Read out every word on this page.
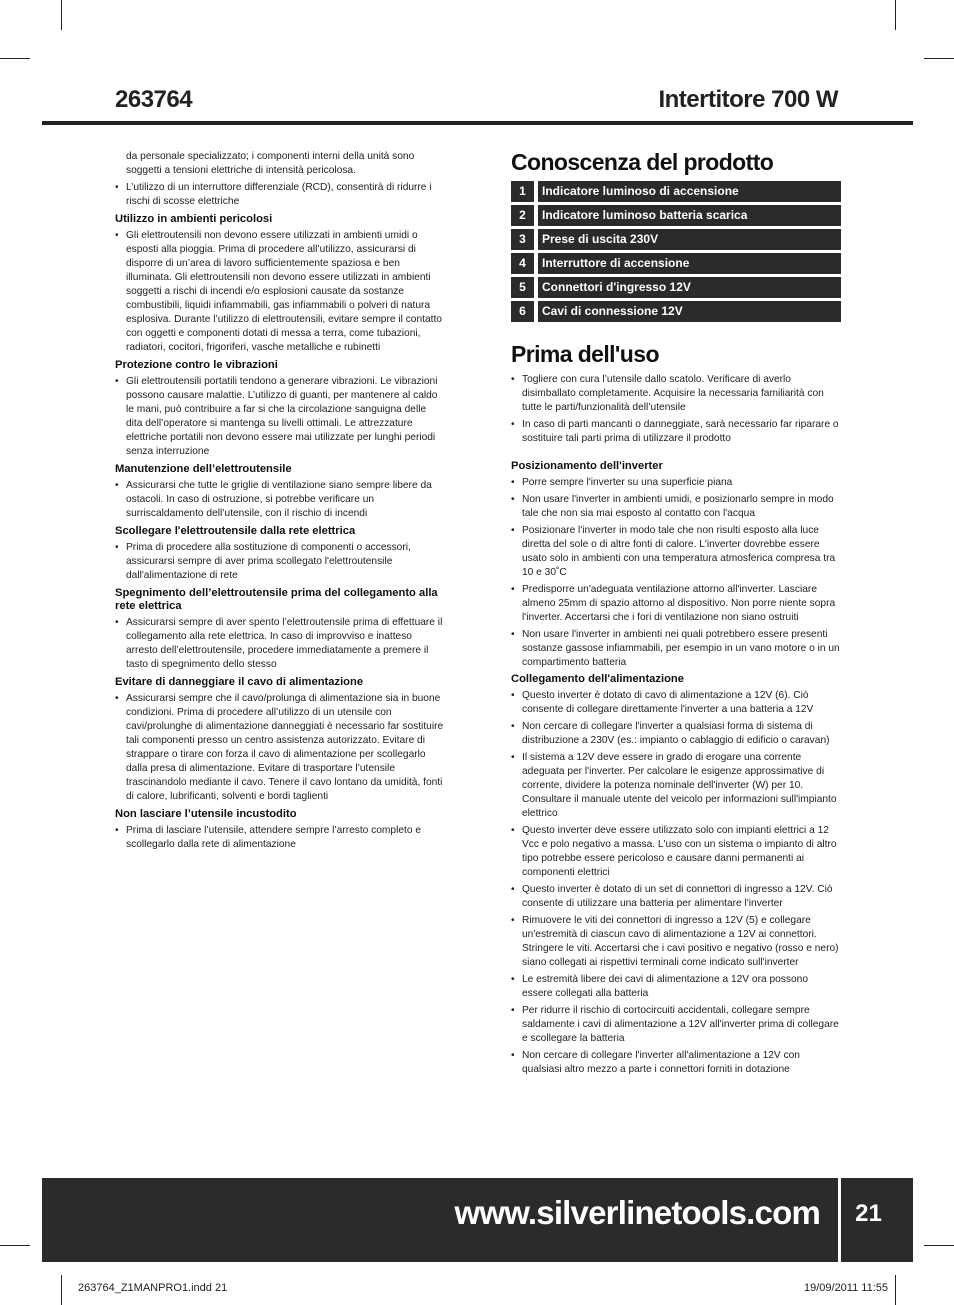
263764	Intertitore 700 W
da personale specializzato; i componenti interni della unità sono soggetti a tensioni elettriche di intensità pericolosa.
• L’utilizzo di un interruttore differenziale (RCD), consentirà di ridurre i rischi di scosse elettriche
Utilizzo in ambienti pericolosi
• Gli elettroutensili non devono essere utilizzati in ambienti umidi o esposti alla pioggia. Prima di procedere all’utilizzo, assicurarsi di disporre di un’area di lavoro sufficientemente spaziosa e ben illuminata. Gli elettroutensili non devono essere utilizzati in ambienti soggetti a rischi di incendi e/o esplosioni causate da sostanze combustibili, liquidi infiammabili, gas infiammabili o polveri di natura esplosiva. Durante l’utilizzo di elettroutensili, evitare sempre il contatto con oggetti e componenti dotati di messa a terra, come tubazioni, radiatori, cocitori, frigoriferi, vasche metalliche e rubinetti
Protezione contro le vibrazioni
• Gli elettroutensili portatili tendono a generare vibrazioni. Le vibrazioni possono causare malattie. L’utilizzo di guanti, per mantenere al caldo le mani, può contribuire a far si che la circolazione sanguigna delle dita dell’operatore si mantenga su livelli ottimali. Le attrezzature elettriche portatili non devono essere mai utilizzate per lunghi periodi senza interruzione
Manutenzione dell’elettroutensile
• Assicurarsi che tutte le griglie di ventilazione siano sempre libere da ostacoli. In caso di ostruzione, si potrebbe verificare un surriscaldamento dell’utensile, con il rischio di incendi
Scollegare l'elettroutensile dalla rete elettrica
• Prima di procedere alla sostituzione di componenti o accessori, assicurarsi sempre di aver prima scollegato l'elettroutensile dall'alimentazione di rete
Spegnimento dell’elettroutensile prima del collegamento alla rete elettrica
• Assicurarsi sempre di aver spento l’elettroutensile prima di effettuare il collegamento alla rete elettrica. In caso di improvviso e inatteso arresto dell’elettroutensile, procedere immediatamente a premere il tasto di spegnimento dello stesso
Evitare di danneggiare il cavo di alimentazione
• Assicurarsi sempre che il cavo/prolunga di alimentazione sia in buone condizioni. Prima di procedere all’utilizzo di un utensile con cavi/prolunghe di alimentazione danneggiati è necessario far sostituire tali componenti presso un centro assistenza autorizzato. Evitare di strappare o tirare con forza il cavo di alimentazione per scollegarlo dalla presa di alimentazione. Evitare di trasportare l’utensile trascinandolo mediante il cavo. Tenere il cavo lontano da umidità, fonti di calore, lubrificanti, solventi e bordi taglienti
Non lasciare l’utensile incustodito
• Prima di lasciare l’utensile, attendere sempre l’arresto completo e scollegarlo dalla rete di alimentazione
Conoscenza del prodotto
1	Indicatore luminoso di accensione
2	Indicatore luminoso batteria scarica
3	Prese di uscita 230V
4	Interruttore di accensione
5	Connettori d'ingresso 12V
6	Cavi di connessione 12V
Prima dell'uso
• Togliere con cura l’utensile dallo scatolo. Verificare di averlo disimballato completamente. Acquisire la necessaria familiarità con tutte le parti/funzionalità dell’utensile
• In caso di parti mancanti o danneggiate, sarà necessario far riparare o sostituire tali parti prima di utilizzare il prodotto
Posizionamento dell'inverter
• Porre sempre l'inverter su una superficie piana
• Non usare l'inverter in ambienti umidi, e posizionarlo sempre in modo tale che non sia mai esposto al contatto con l'acqua
• Posizionare l'inverter in modo tale che non risulti esposto alla luce diretta del sole o di altre fonti di calore. L'inverter dovrebbe essere usato solo in ambienti con una temperatura atmosferica compresa tra 10 e 30˚C
• Predisporre un'adeguata ventilazione attorno all'inverter. Lasciare almeno 25mm di spazio attorno al dispositivo. Non porre niente sopra l'inverter. Accertarsi che i fori di ventilazione non siano ostruiti
• Non usare l'inverter in ambienti nei quali potrebbero essere presenti sostanze gassose infiammabili, per esempio in un vano motore o in un compartimento batteria
Collegamento dell'alimentazione
• Questo inverter è dotato di cavo di alimentazione a 12V (6). Ciò consente di collegare direttamente l'inverter a una batteria a 12V
• Non cercare di collegare l'inverter a qualsiasi forma di sistema di distribuzione a 230V (es.: impianto o cablaggio di edificio o caravan)
• Il sistema a 12V deve essere in grado di erogare una corrente adeguata per l'inverter. Per calcolare le esigenze approssimative di corrente, dividere la potenza nominale dell'inverter (W) per 10. Consultare il manuale utente del veicolo per informazioni sull'impianto elettrico
• Questo inverter deve essere utilizzato solo con impianti elettrici a 12 Vcc e polo negativo a massa. L'uso con un sistema o impianto di altro tipo potrebbe essere pericoloso e causare danni permanenti ai componenti elettrici
• Questo inverter è dotato di un set di connettori di ingresso a 12V. Ciò consente di utilizzare una batteria per alimentare l'inverter
• Rimuovere le viti dei connettori di ingresso a 12V (5) e collegare un'estremità di ciascun cavo di alimentazione a 12V ai connettori. Stringere le viti. Accertarsi che i cavi positivo e negativo (rosso e nero) siano collegati ai rispettivi terminali come indicato sull'inverter
• Le estremità libere dei cavi di alimentazione a 12V ora possono essere collegati alla batteria
• Per ridurre il rischio di cortocircuiti accidentali, collegare sempre saldamente i cavi di alimentazione a 12V all'inverter prima di collegare e scollegare la batteria
• Non cercare di collegare l'inverter all'alimentazione a 12V con qualsiasi altro mezzo a parte i connettori forniti in dotazione
www.silverlinetools.com	21
263764_Z1MANPRO1.indd 21	19/09/2011 11:55
